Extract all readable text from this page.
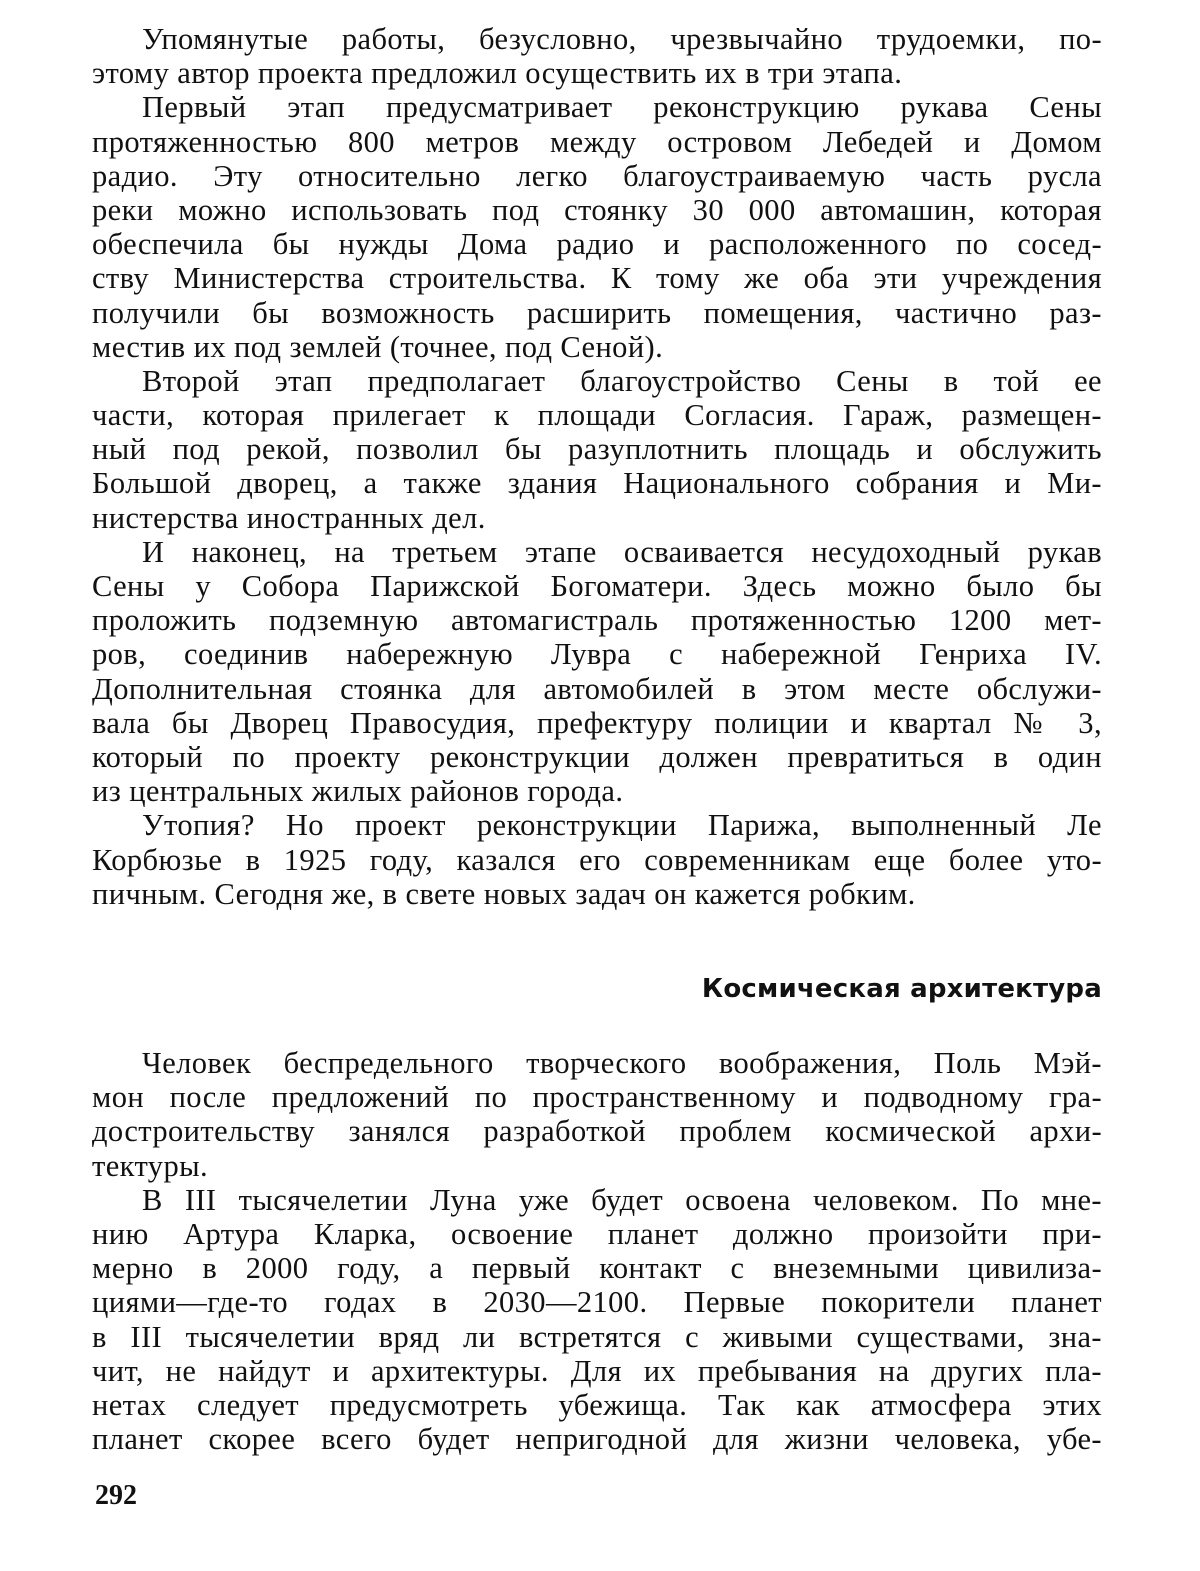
Упомянутые работы, безусловно, чрезвычайно трудоемки, по-
этому автор проекта предложил осуществить их в три этапа.
Первый этап предусматривает реконструкцию рукава Сены
протяженностью 800 метров между островом Лебедей и Домом
радио. Эту относительно легко благоустраиваемую часть русла
реки можно использовать под стоянку 30 000 автомашин, которая
обеспечила бы нужды Дома радио и расположенного по сосед-
ству Министерства строительства. К тому же оба эти учреждения
получили бы возможность расширить помещения, частично раз-
местив их под землей (точнее, под Сеной).
Второй этап предполагает благоустройство Сены в той ее
части, которая прилегает к площади Согласия. Гараж, размещен-
ный под рекой, позволил бы разуплотнить площадь и обслужить
Большой дворец, а также здания Национального собрания и Ми-
нистерства иностранных дел.
И наконец, на третьем этапе осваивается несудоходный рукав
Сены у Собора Парижской Богоматери. Здесь можно было бы
проложить подземную автомагистраль протяженностью 1200 мет-
ров, соединив набережную Лувра с набережной Генриха IV.
Дополнительная стоянка для автомобилей в этом месте обслужи-
вала бы Дворец Правосудия, префектуру полиции и квартал № 3,
который по проекту реконструкции должен превратиться в один
из центральных жилых районов города.
Утопия? Но проект реконструкции Парижа, выполненный Ле
Корбюзье в 1925 году, казался его современникам еще более уто-
пичным. Сегодня же, в свете новых задач он кажется робким.
Космическая архитектура
Человек беспредельного творческого воображения, Поль Мэй-
мон после предложений по пространственному и подводному гра-
достроительству занялся разработкой проблем космической архи-
тектуры.
В III тысячелетии Луна уже будет освоена человеком. По мне-
нию Артура Кларка, освоение планет должно произойти при-
мерно в 2000 году, а первый контакт с внеземными цивилиза-
циями—где-то годах в 2030—2100. Первые покорители планет
в III тысячелетии вряд ли встретятся с живыми существами, зна-
чит, не найдут и архитектуры. Для их пребывания на других пла-
нетах следует предусмотреть убежища. Так как атмосфера этих
планет скорее всего будет непригодной для жизни человека, убе-
292
